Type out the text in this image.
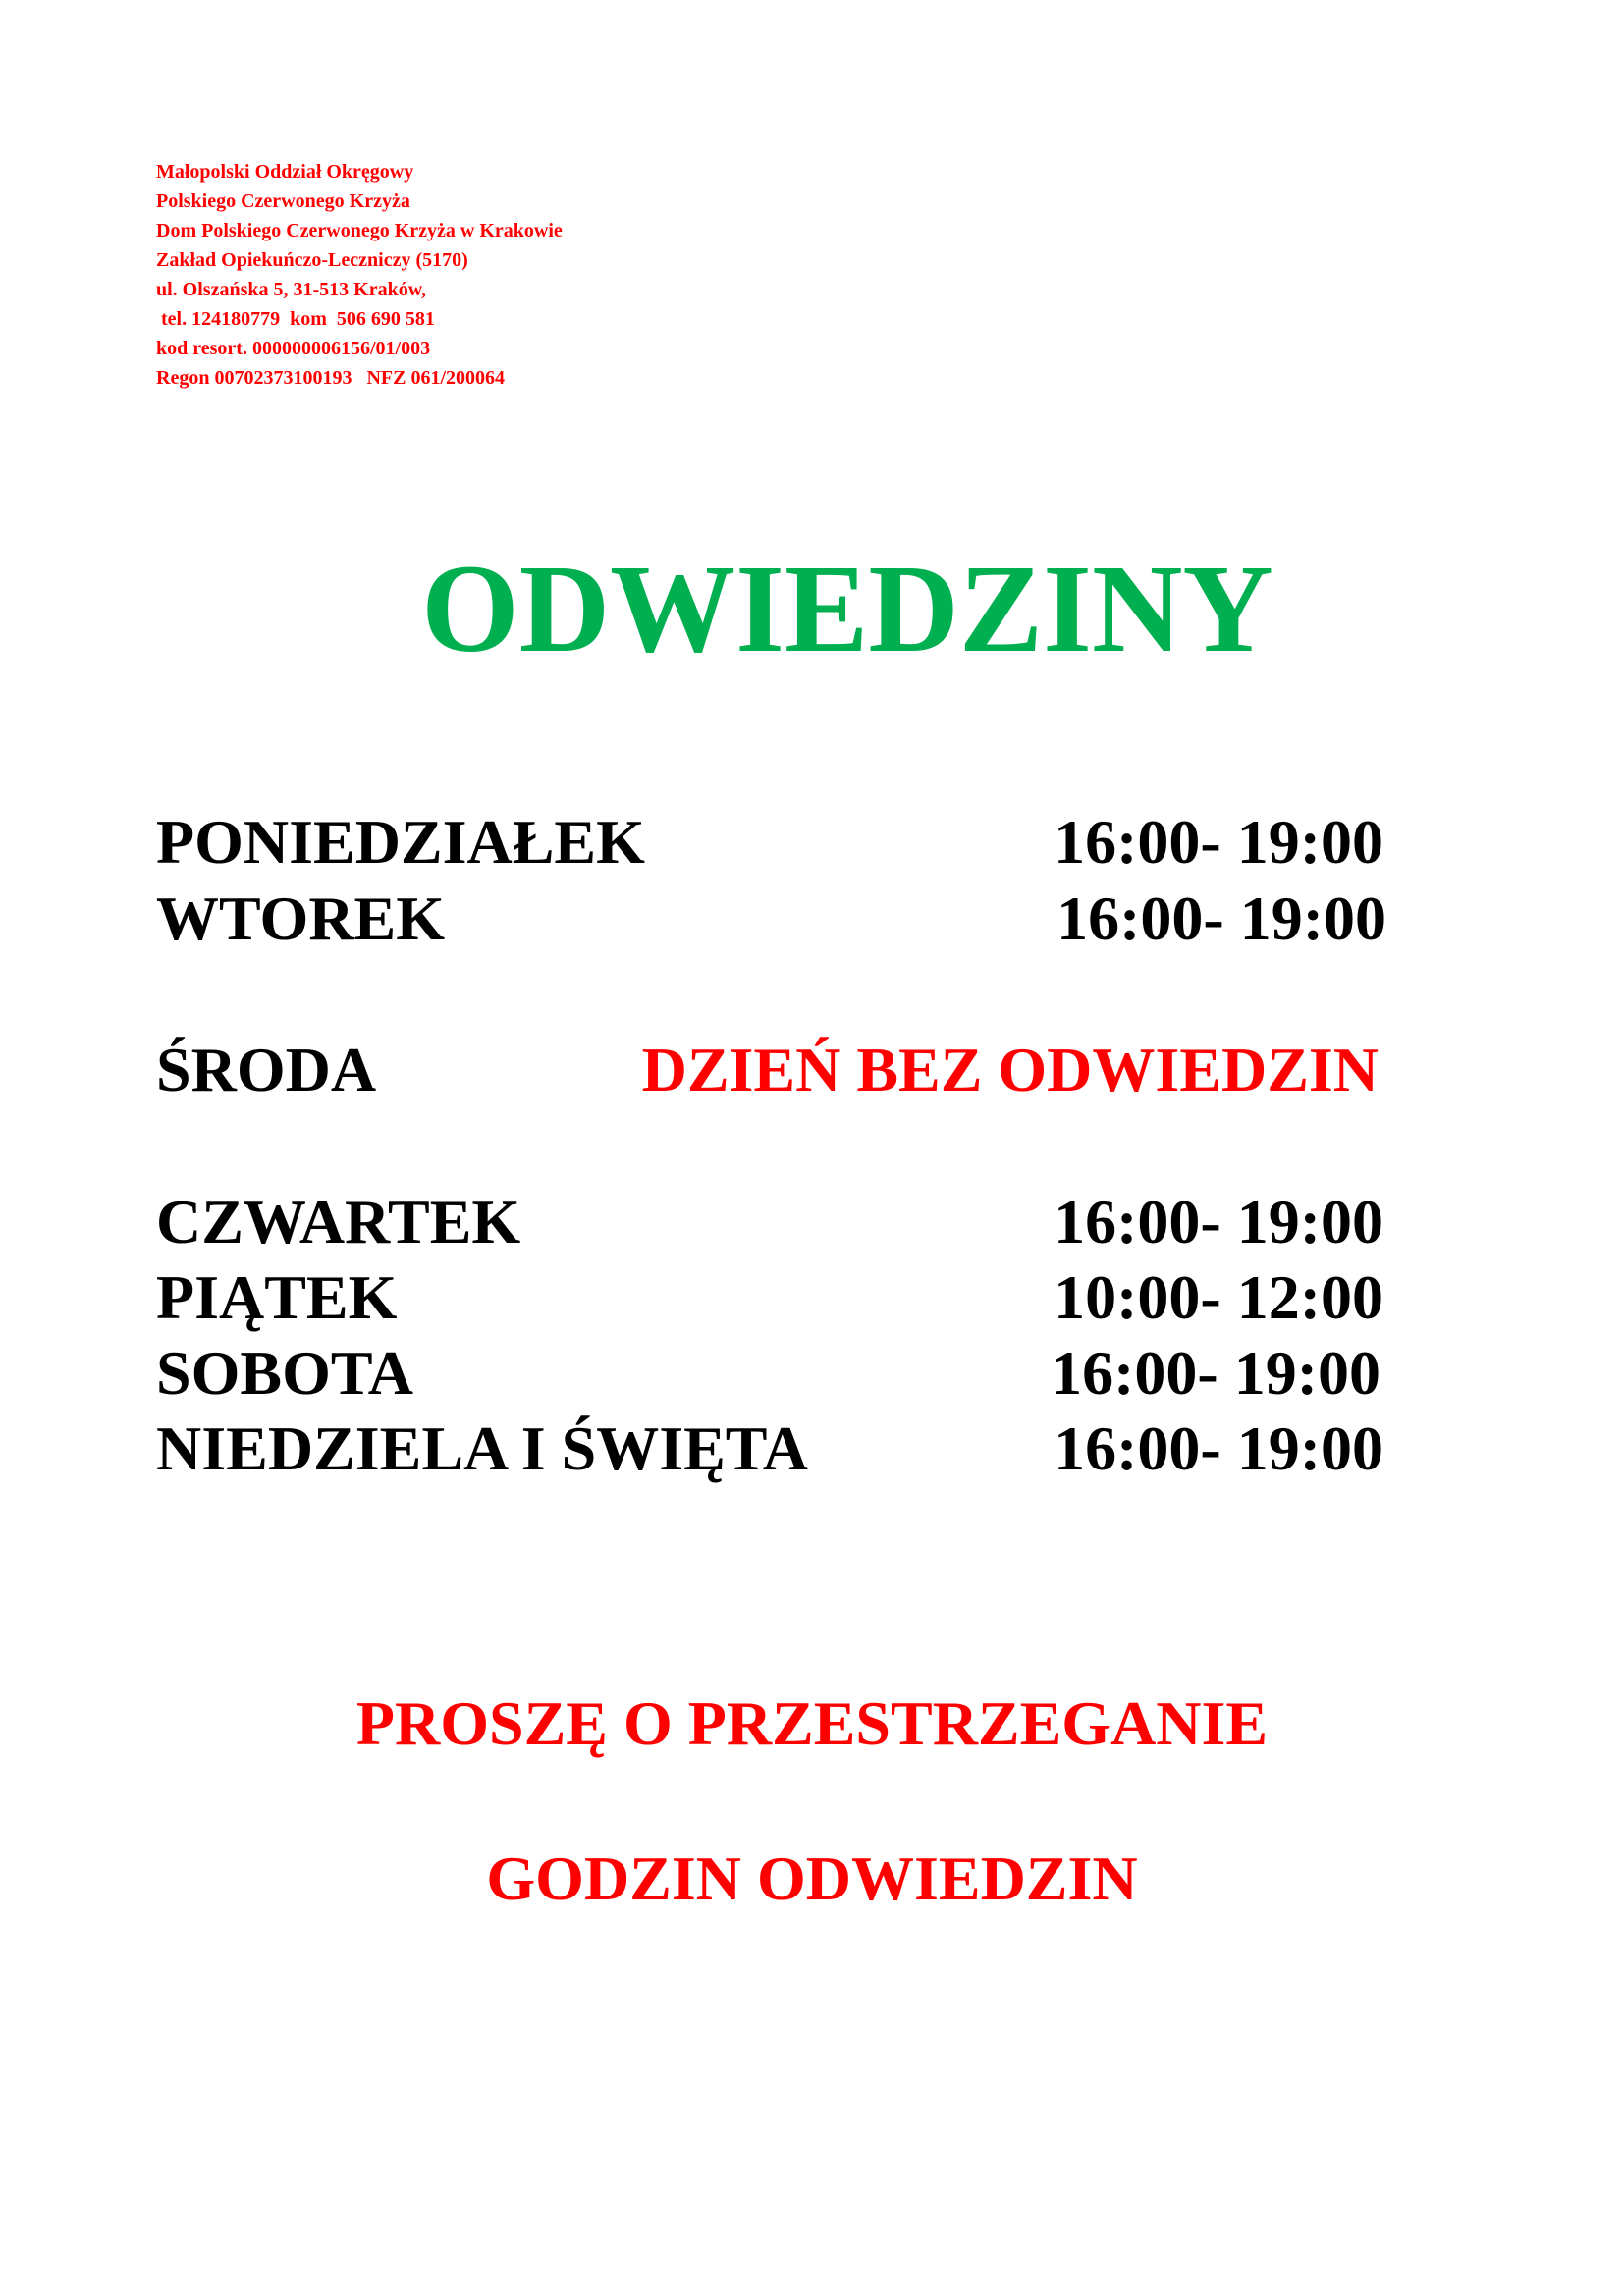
Małopolski Oddział Okręgowy
Polskiego Czerwonego Krzyża
Dom Polskiego Czerwonego Krzyża w Krakowie
Zakład Opiekuńczo-Leczniczy (5170)
ul. Olszańska 5, 31-513 Kraków,
tel. 124180779  kom  506 690 581
kod resort. 000000006156/01/003
Regon 00702373100193   NFZ 061/200064
ODWIEDZINY
PONIEDZIAŁEK	16:00- 19:00
WTOREK	16:00- 19:00
ŚRODA	DZIEŃ BEZ ODWIEDZIN
CZWARTEK	16:00- 19:00
PIĄTEK	10:00- 12:00
SOBOTA	16:00- 19:00
NIEDZIELA I ŚWIĘTA	16:00- 19:00
PROSZĘ O PRZESTRZEGANIE
GODZIN ODWIEDZIN
